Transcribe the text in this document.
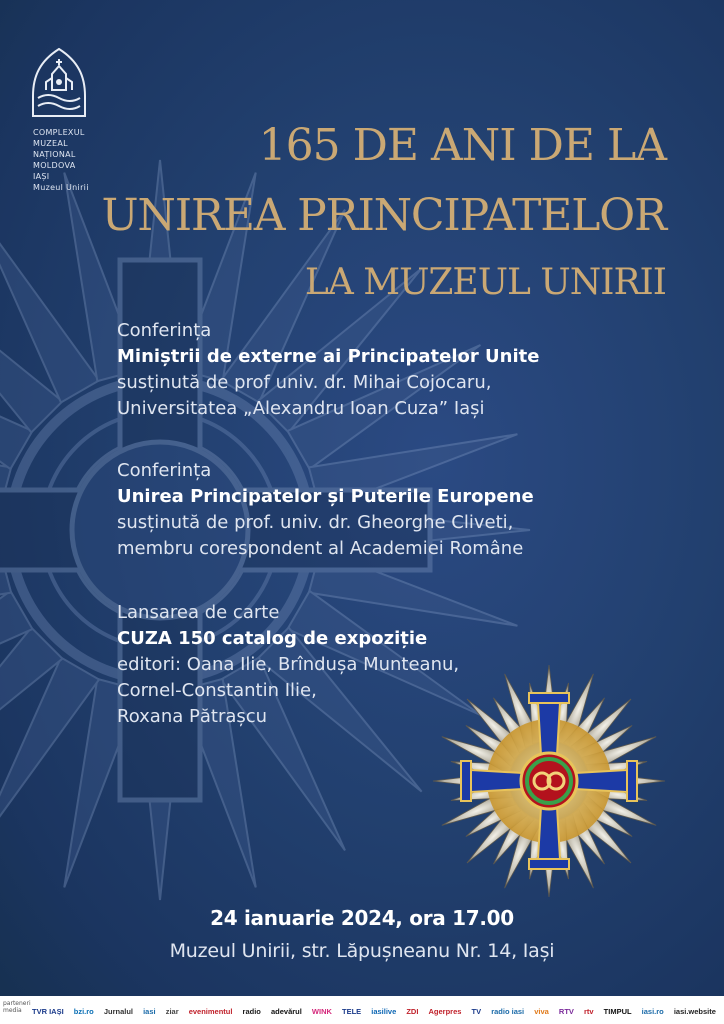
COMPLEXUL
MUZEAL
NAȚIONAL
MOLDOVA
IAȘI
Muzeul Unirii
165 DE ANI DE LA
UNIREA PRINCIPATELOR
LA MUZEUL UNIRII
Conferința
Miniștrii de externe ai Principatelor Unite
susținută de prof univ. dr. Mihai Cojocaru,
Universitatea „Alexandru Ioan Cuza” Iași
Conferința
Unirea Principatelor și Puterile Europene
susținută de prof. univ. dr. Gheorghe Cliveti,
membru corespondent al Academiei Române
Lansarea de carte
CUZA 150 catalog de expoziție
editori: Oana Ilie, Brîndușa Munteanu,
Cornel-Constantin Ilie,
Roxana Pătrașcu
24 ianuarie 2024, ora 17.00
Muzeul Unirii, str. Lăpușneanu Nr. 14, Iași
parteneri media	TVR IAȘI bzi.ro Jurnalul iasi ziar evenimentul radio adevărul WINK TELE iasilive ZDI Agerpres TV radio iasi viva RTV rtv TIMPUL iasi.ro iasi.website
